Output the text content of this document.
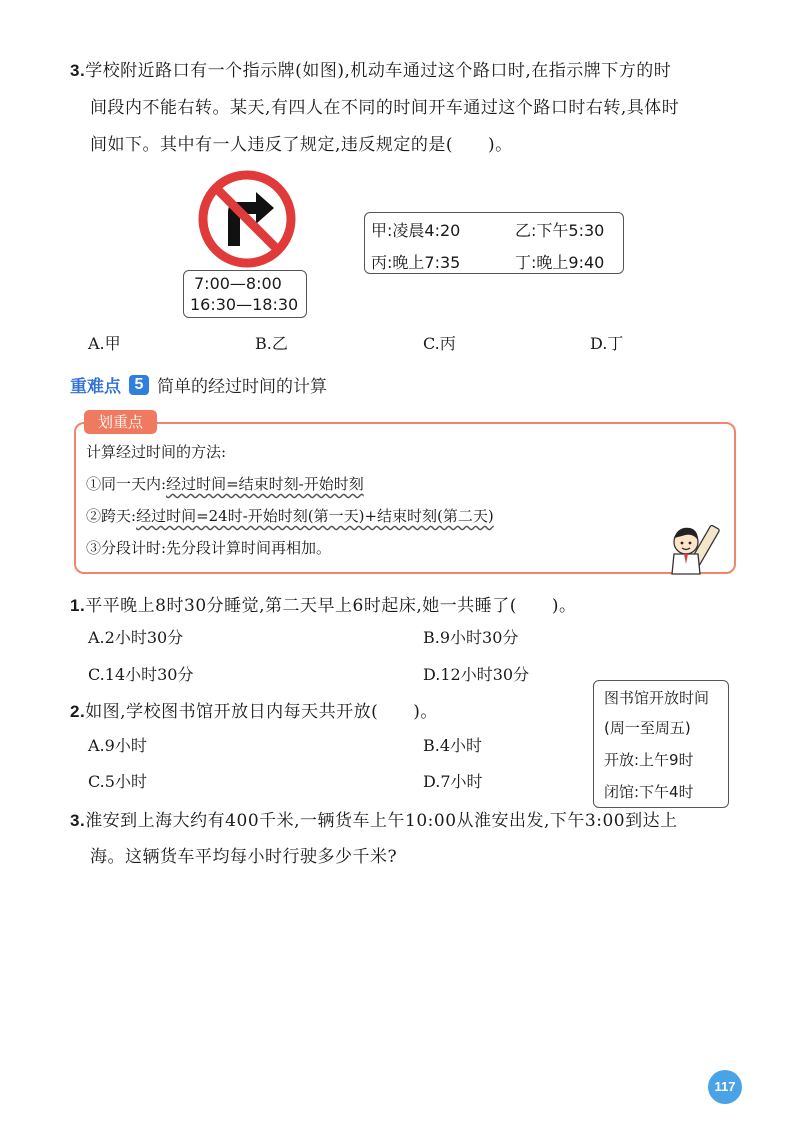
3.学校附近路口有一个指示牌(如图),机动车通过这个路口时,在指示牌下方的时
间段内不能右转。某天,有四人在不同的时间开车通过这个路口时右转,具体时
间如下。其中有一人违反了规定,违反规定的是(　　)。
7:00—8:00
16:30—18:30
甲:凌晨4:20	乙:下午5:30
丙:晚上7:35	丁:晚上9:40
A.甲	B.乙	C.丙	D.丁
重难点 5 简单的经过时间的计算
划重点
计算经过时间的方法:
①同一天内:经过时间=结束时刻-开始时刻
②跨天:经过时间=24时-开始时刻(第一天)+结束时刻(第二天)
③分段计时:先分段计算时间再相加。
1.平平晚上8时30分睡觉,第二天早上6时起床,她一共睡了(　　)。
A.2小时30分	B.9小时30分
C.14小时30分	D.12小时30分
2.如图,学校图书馆开放日内每天共开放(　　)。
A.9小时	B.4小时
C.5小时	D.7小时
图书馆开放时间
(周一至周五)
开放:上午9时
闭馆:下午4时
3.淮安到上海大约有400千米,一辆货车上午10:00从淮安出发,下午3:00到达上
海。这辆货车平均每小时行驶多少千米?
117
